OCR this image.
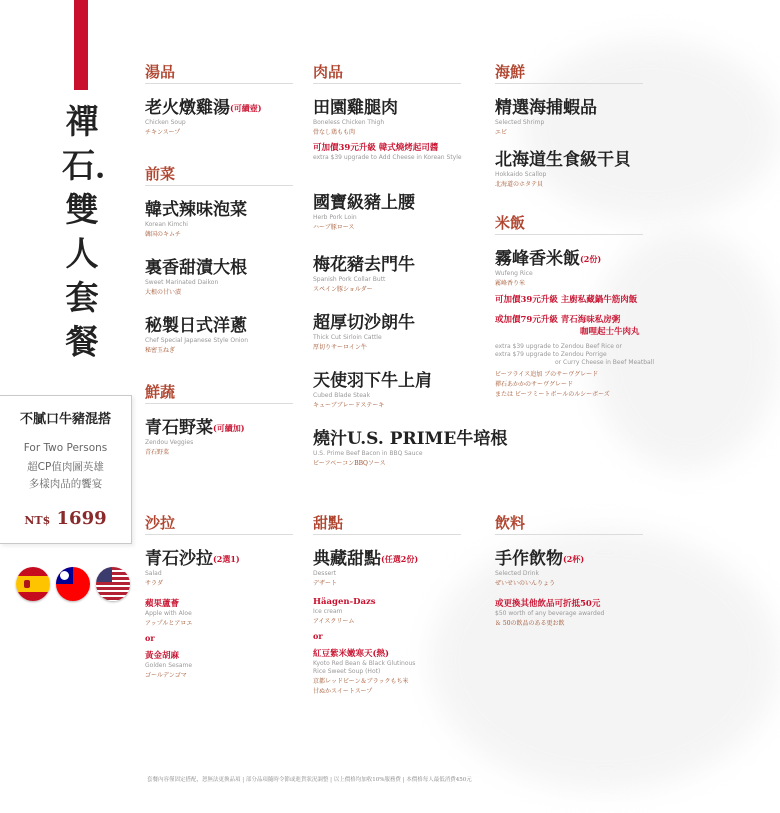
禪石．雙人套餐
不膩口牛豬混搭
For Two Persons
超CP值肉圖英雄
多樣肉品的饗宴
NT$ 1699
湯品
老火燉雞湯(可續壺)
Chicken Soup
チキンスープ
前菜
韓式辣味泡菜
Korean Kimchi
韓国のキムチ
裏香甜漬大根
Sweet Marinated Daikon
大根の甘い漬
秘製日式洋蔥
Chef Special Japanese Style Onion
秘密玉ねぎ
鮮蔬
青石野菜(可續加)
Zendou Veggies
青石野菜
沙拉
青石沙拉(2選1)
Salad
サラダ
蘋果蘆薈
Apple with Aloe
アップルとアロエ
or
黃金胡麻
Golden Sesame
ゴールデンゴマ
肉品
田園雞腿肉
Boneless Chicken Thigh
骨なし鶏もも肉
可加價39元升級 韓式燒烤起司醬
extra $39 upgrade to Add Cheese in Korean Style
國寶級豬上腰
Herb Pork Loin
ハーブ豚ロース
梅花豬去門牛
Spanish Pork Collar Butt
スペイン豚ショルダー
超厚切沙朗牛
Thick Cut Sirloin Cattle
厚切りサーロイン牛
天使羽下牛上肩
Cubed Blade Steak
キューブブレードステーキ
燒汁U.S. PRIME牛培根
U.S. Prime Beef Bacon in BBQ Sauce
ビーフベーコンBBQソース
甜點
典藏甜點(任選2份)
Dessert
デザート
Häagen-Dazs
Ice cream
アイスクリーム
or
紅豆紫米嫩寒天(熱)
Kyoto Red Bean & Black Glutinous
Rice Sweet Soup (Hot)
京都レッドビーン＆ブラックもち米
甘ぬかスイートスープ
海鮮
精選海捕蝦品
Selected Shrimp
エビ
北海道生食級干貝
Hokkaido Scallop
北海道のホタテ貝
米飯
霧峰香米飯(2份)
Wufeng Rice
霧峰香り米
可加價39元升級 主廚私藏鍋牛筋肉飯
或加價79元升級 青石海味私房粥
咖哩起士牛肉丸
extra $39 upgrade to Zendou Beef Rice or
extra $79 upgrade to Zendou Porrige
or Curry Cheese in Beef Meatball
ビーフライス追加 ブのサーヴグレード
禪石あかかのサーヴグレード
または ビーフミートボールのルシーボーズ
飲料
手作飲物(2杯)
Selected Drink
ぜいせいのいんりょう
或更換其他飲品可折抵50元
$50 worth of any beverage awarded
＆ 50の飲品のある更お飲
套餐內容僅固定搭配，恕無法更換品項 | 部分品項隨時令節或進貨狀況調整 | 以上價格均加收10%服務費 | 本價格每人最低消費450元
